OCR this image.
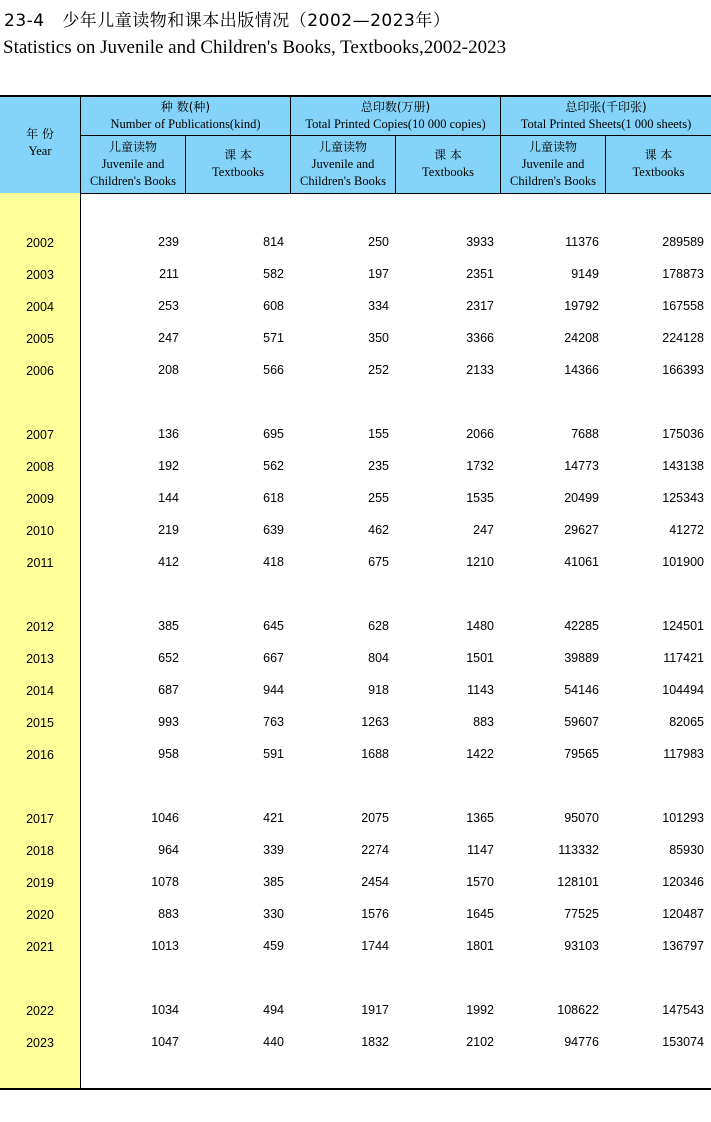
23-4 少年儿童读物和课本出版情况（2002—2023年）
Statistics on Juvenile and Children's Books, Textbooks,2002-2023
年 份
Year
种 数(种)
Number of Publications(kind)
总印数(万册)
Total Printed Copies(10 000 copies)
总印张(千印张)
Total Printed Sheets(1 000 sheets)
儿童读物
Juvenile and
Children's Books
课 本
Textbooks
儿童读物
Juvenile and
Children's Books
课 本
Textbooks
儿童读物
Juvenile and
Children's Books
课 本
Textbooks
2002	239	814	250	3933	11376	289589
2003	211	582	197	2351	9149	178873
2004	253	608	334	2317	19792	167558
2005	247	571	350	3366	24208	224128
2006	208	566	252	2133	14366	166393
2007	136	695	155	2066	7688	175036
2008	192	562	235	1732	14773	143138
2009	144	618	255	1535	20499	125343
2010	219	639	462	247	29627	41272
2011	412	418	675	1210	41061	101900
2012	385	645	628	1480	42285	124501
2013	652	667	804	1501	39889	117421
2014	687	944	918	1143	54146	104494
2015	993	763	1263	883	59607	82065
2016	958	591	1688	1422	79565	117983
2017	1046	421	2075	1365	95070	101293
2018	964	339	2274	1147	113332	85930
2019	1078	385	2454	1570	128101	120346
2020	883	330	1576	1645	77525	120487
2021	1013	459	1744	1801	93103	136797
2022	1034	494	1917	1992	108622	147543
2023	1047	440	1832	2102	94776	153074
